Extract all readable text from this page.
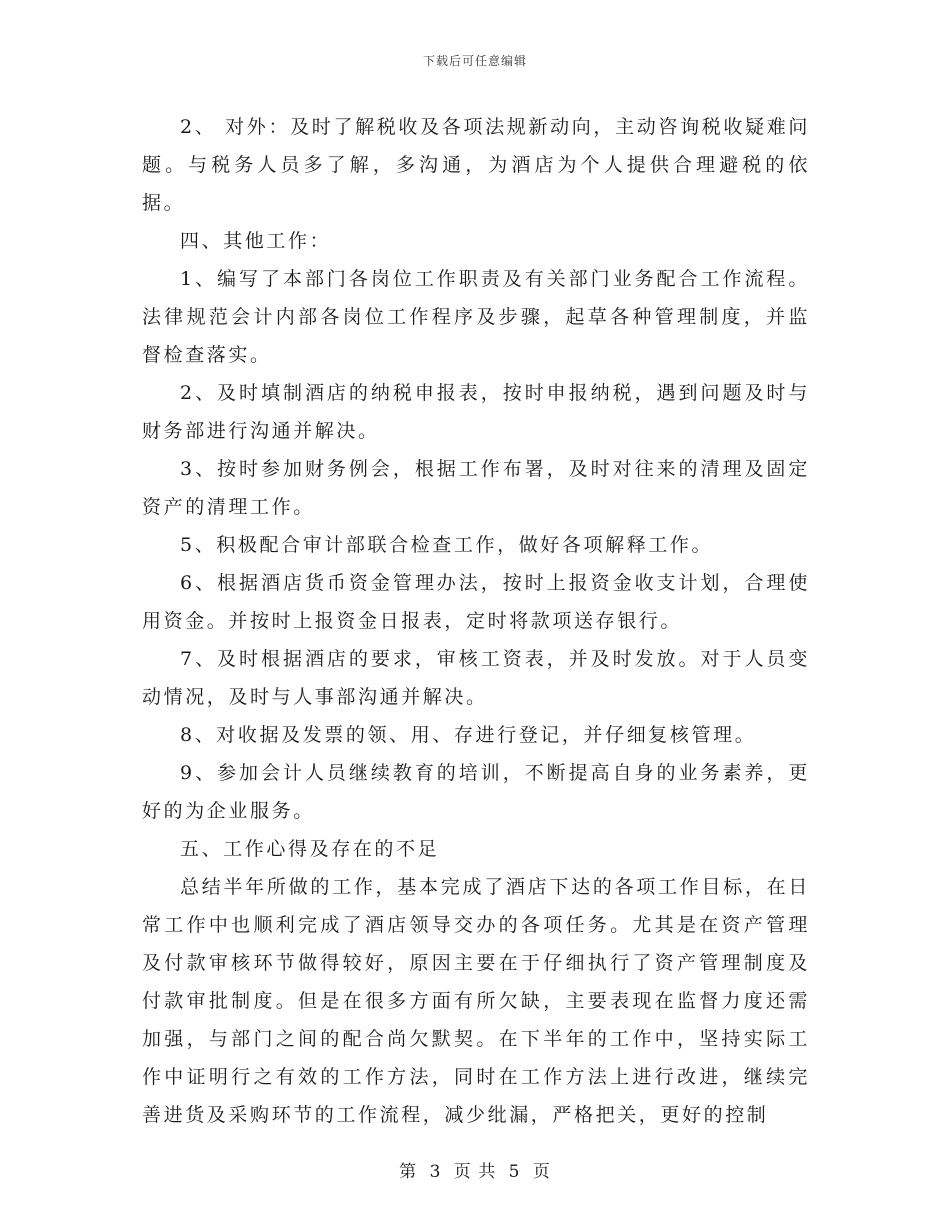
下载后可任意编辑

2、 对外：及时了解税收及各项法规新动向，主动咨询税收疑难问题。与税务人员多了解，多沟通，为酒店为个人提供合理避税的依据。

四、其他工作：

1、编写了本部门各岗位工作职责及有关部门业务配合工作流程。法律规范会计内部各岗位工作程序及步骤，起草各种管理制度，并监督检查落实。

2、及时填制酒店的纳税申报表，按时申报纳税，遇到问题及时与财务部进行沟通并解决。

3、按时参加财务例会，根据工作布署，及时对往来的清理及固定资产的清理工作。

5、积极配合审计部联合检查工作，做好各项解释工作。

6、根据酒店货币资金管理办法，按时上报资金收支计划，合理使用资金。并按时上报资金日报表，定时将款项送存银行。

7、及时根据酒店的要求，审核工资表，并及时发放。对于人员变动情况，及时与人事部沟通并解决。

8、对收据及发票的领、用、存进行登记，并仔细复核管理。

9、参加会计人员继续教育的培训，不断提高自身的业务素养，更好的为企业服务。

五、工作心得及存在的不足

总结半年所做的工作，基本完成了酒店下达的各项工作目标，在日常工作中也顺利完成了酒店领导交办的各项任务。尤其是在资产管理及付款审核环节做得较好，原因主要在于仔细执行了资产管理制度及付款审批制度。但是在很多方面有所欠缺，主要表现在监督力度还需加强，与部门之间的配合尚欠默契。在下半年的工作中，坚持实际工作中证明行之有效的工作方法，同时在工作方法上进行改进，继续完善进货及采购环节的工作流程，减少纰漏，严格把关，更好的控制

第 3 页 共 5 页
